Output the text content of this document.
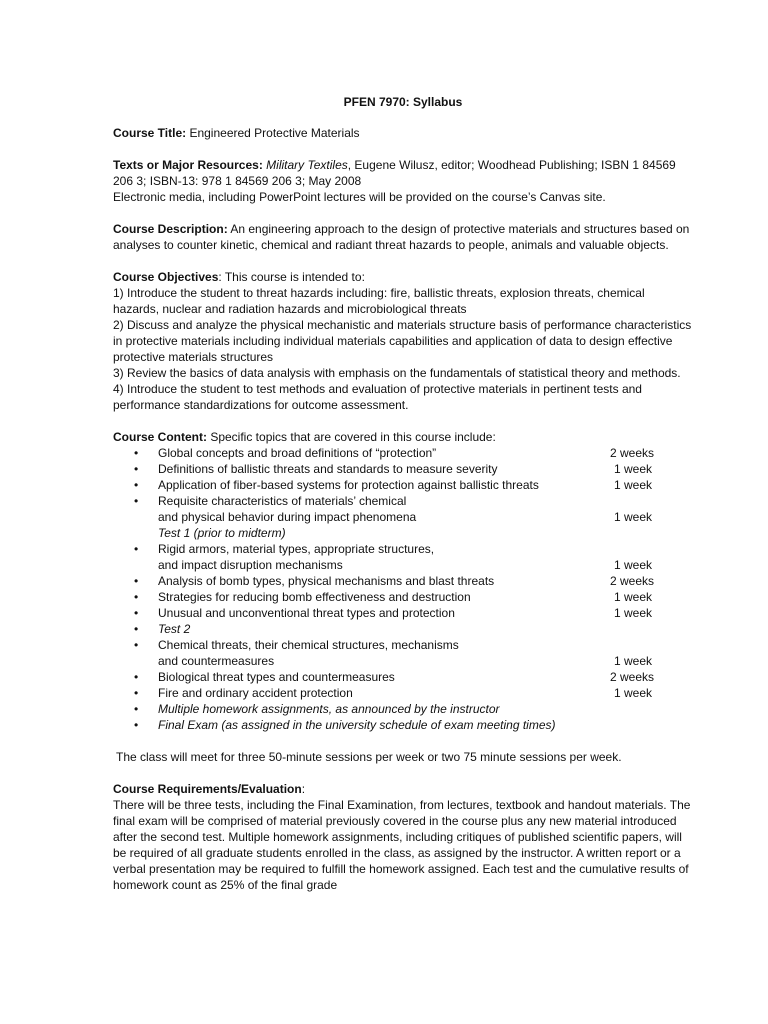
PFEN 7970: Syllabus
Course Title: Engineered Protective Materials
Texts or Major Resources: Military Textiles, Eugene Wilusz, editor; Woodhead Publishing; ISBN 1 84569 206 3; ISBN-13: 978 1 84569 206 3; May 2008
Electronic media, including PowerPoint lectures will be provided on the course’s Canvas site.
Course Description: An engineering approach to the design of protective materials and structures based on analyses to counter kinetic, chemical and radiant threat hazards to people, animals and valuable objects.
Course Objectives: This course is intended to:
1) Introduce the student to threat hazards including: fire, ballistic threats, explosion threats, chemical hazards, nuclear and radiation hazards and microbiological threats
2) Discuss and analyze the physical mechanistic and materials structure basis of performance characteristics in protective materials including individual materials capabilities and application of data to design effective protective materials structures
3) Review the basics of data analysis with emphasis on the fundamentals of statistical theory and methods.
4) Introduce the student to test methods and evaluation of protective materials in pertinent tests and performance standardizations for outcome assessment.
Course Content: Specific topics that are covered in this course include:
• Global concepts and broad definitions of “protection”	2 weeks
• Definitions of ballistic threats and standards to measure severity	1 week
• Application of fiber-based systems for protection against ballistic threats	1 week
• Requisite characteristics of materials’ chemical
and physical behavior during impact phenomena	1 week
Test 1 (prior to midterm)
• Rigid armors, material types, appropriate structures,
and impact disruption mechanisms	1 week
• Analysis of bomb types, physical mechanisms and blast threats	2 weeks
• Strategies for reducing bomb effectiveness and destruction	1 week
• Unusual and unconventional threat types and protection	1 week
• Test 2
• Chemical threats, their chemical structures, mechanisms
and countermeasures	1 week
• Biological threat types and countermeasures	2 weeks
• Fire and ordinary accident protection	1 week
• Multiple homework assignments, as announced by the instructor
• Final Exam (as assigned in the university schedule of exam meeting times)
The class will meet for three 50-minute sessions per week or two 75 minute sessions per week.
Course Requirements/Evaluation:
There will be three tests, including the Final Examination, from lectures, textbook and handout materials. The final exam will be comprised of material previously covered in the course plus any new material introduced after the second test. Multiple homework assignments, including critiques of published scientific papers, will be required of all graduate students enrolled in the class, as assigned by the instructor. A written report or a verbal presentation may be required to fulfill the homework assigned. Each test and the cumulative results of homework count as 25% of the final grade
